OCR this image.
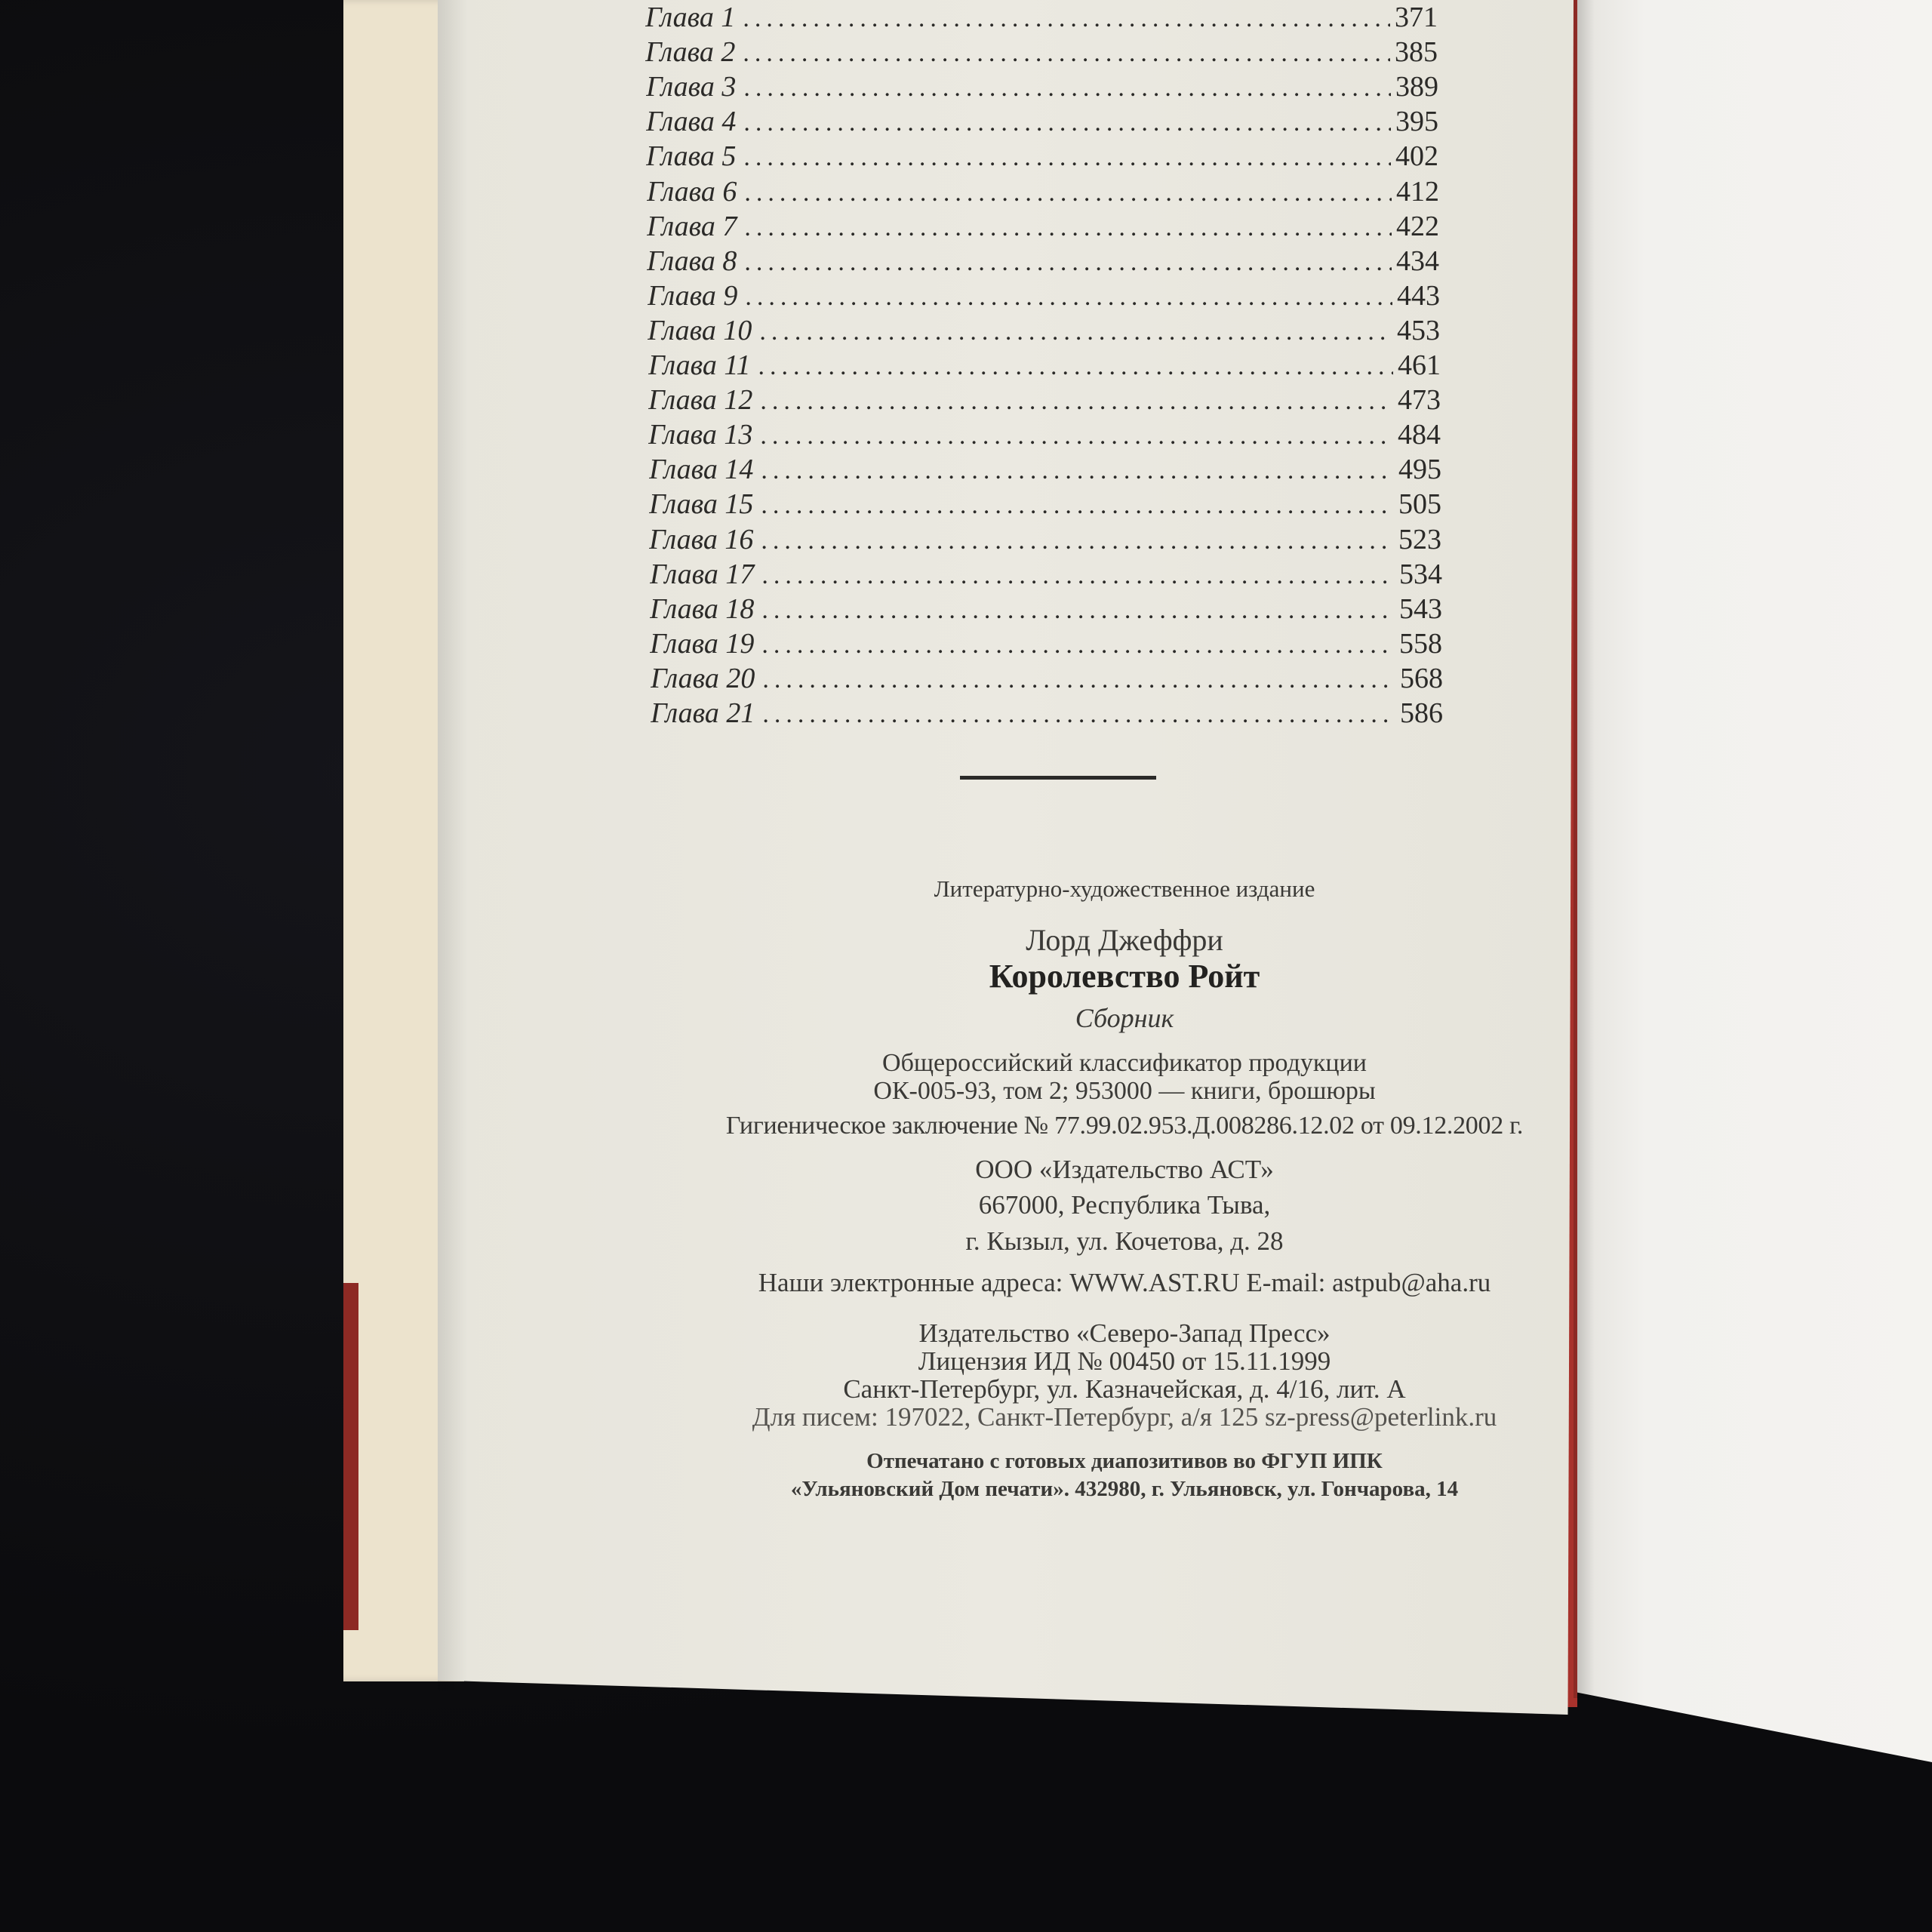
Глава 1 .....	371
Глава 2 .....	385
Глава 3 .....	389
Глава 4 .....	395
Глава 5 .....	402
Глава 6 .....	412
Глава 7 .....	422
Глава 8 .....	434
Глава 9 .....	443
Глава 10 .....	453
Глава 11 .....	461
Глава 12 .....	473
Глава 13 .....	484
Глава 14 .....	495
Глава 15 .....	505
Глава 16 .....	523
Глава 17 .....	534
Глава 18 .....	543
Глава 19 .....	558
Глава 20 .....	568
Глава 21 .....	586
Литературно-художественное издание
Лорд Джеффри
Королевство Ройт
Сборник
Общероссийский классификатор продукции
ОК-005-93, том 2; 953000 — книги, брошюры
Гигиеническое заключение № 77.99.02.953.Д.008286.12.02 от 09.12.2002 г.
ООО «Издательство АСТ»
667000, Республика Тыва,
г. Кызыл, ул. Кочетова, д. 28
Наши электронные адреса: WWW.AST.RU E-mail: astpub@aha.ru
Издательство «Северо-Запад Пресс»
Лицензия ИД № 00450 от 15.11.1999
Санкт-Петербург, ул. Казначейская, д. 4/16, лит. А
Для писем: 197022, Санкт-Петербург, а/я 125 sz-press@peterlink.ru
Отпечатано с готовых диапозитивов во ФГУП ИПК
«Ульяновский Дом печати». 432980, г. Ульяновск, ул. Гончарова, 14
